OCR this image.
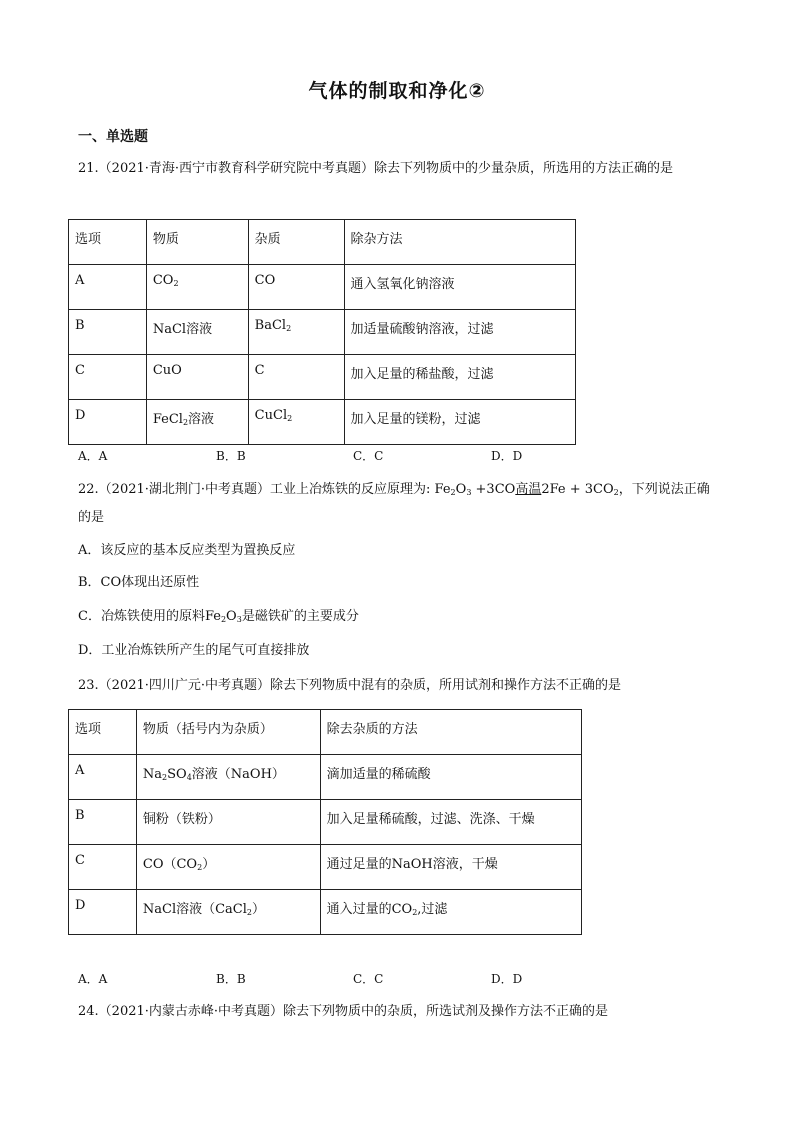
气体的制取和净化②
一、单选题
21.（2021·青海·西宁市教育科学研究院中考真题）除去下列物质中的少量杂质，所选用的方法正确的是
选项	物质	杂质	除杂方法
A	$CO_2$	CO	通入氢氧化钠溶液
B	NaCl溶液	BaCl$_2$	加适量硫酸钠溶液，过滤
C	CuO	C	加入足量的稀盐酸，过滤
D	FeCl$_2$溶液	CuCl$_2$	加入足量的镁粉，过滤
A．A	B．B	C．C	D．D
22.（2021·湖北荆门·中考真题）工业上冶炼铁的反应原理为: $Fe_2O_3 +3CO$高温$2Fe + 3CO_2$，下列说法正确的是
A．该反应的基本反应类型为置换反应
B．CO体现出还原性
C．冶炼铁使用的原料$Fe_2O_3$是磁铁矿的主要成分
D．工业冶炼铁所产生的尾气可直接排放
23.（2021·四川广元·中考真题）除去下列物质中混有的杂质，所用试剂和操作方法不正确的是
选项	物质（括号内为杂质）	除去杂质的方法
A	$Na_2SO_4$溶液（NaOH）	滴加适量的稀硫酸
B	铜粉（铁粉）	加入足量稀硫酸，过滤、洗涤、干燥
C	$CO(CO_2)$	通过足量的NaOH溶液，干燥
D	NaCl溶液（CaCl$_2$）	通入过量的$CO_2$,过滤
A．A	B．B	C．C	D．D
24.（2021·内蒙古赤峰·中考真题）除去下列物质中的杂质，所选试剂及操作方法不正确的是
